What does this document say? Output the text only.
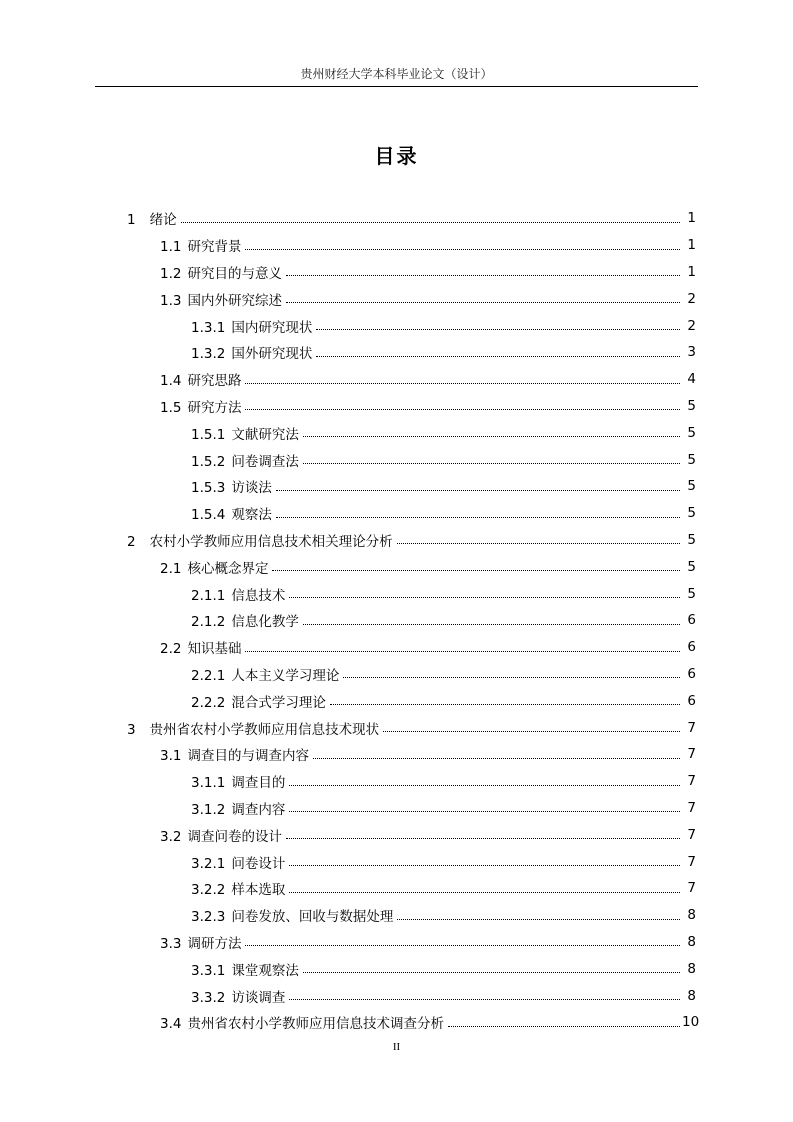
贵州财经大学本科毕业论文（设计）
目录
1 绪论	1
1.1 研究背景	1
1.2 研究目的与意义	1
1.3 国内外研究综述	2
1.3.1 国内研究现状	2
1.3.2 国外研究现状	3
1.4 研究思路	4
1.5 研究方法	5
1.5.1 文献研究法	5
1.5.2 问卷调查法	5
1.5.3 访谈法	5
1.5.4 观察法	5
2 农村小学教师应用信息技术相关理论分析	5
2.1 核心概念界定	5
2.1.1 信息技术	5
2.1.2 信息化教学	6
2.2 知识基础	6
2.2.1 人本主义学习理论	6
2.2.2 混合式学习理论	6
3 贵州省农村小学教师应用信息技术现状	7
3.1 调查目的与调查内容	7
3.1.1 调查目的	7
3.1.2 调查内容	7
3.2 调查问卷的设计	7
3.2.1 问卷设计	7
3.2.2 样本选取	7
3.2.3 问卷发放、回收与数据处理	8
3.3 调研方法	8
3.3.1 课堂观察法	8
3.3.2 访谈调查	8
3.4 贵州省农村小学教师应用信息技术调查分析	10
II
